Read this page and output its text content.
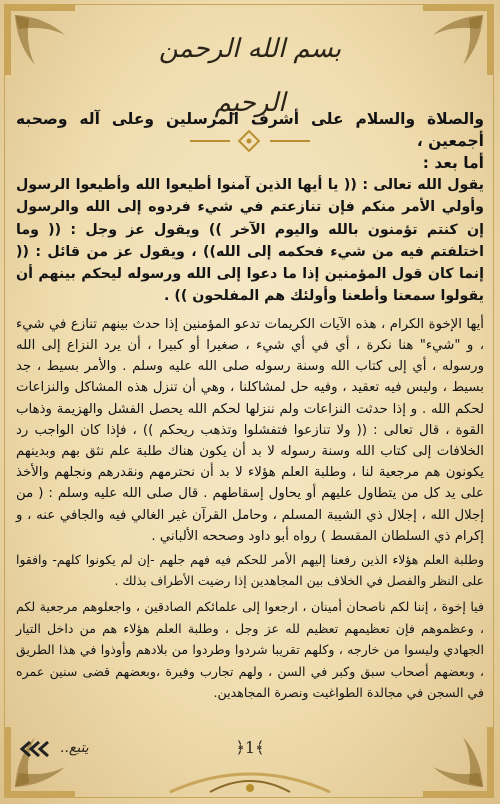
بسم الله الرحمن الرحيم

والصلاة والسلام على أشرف المرسلين وعلى آله وصحبه أجمعين ،
أما بعد :

يقول الله تعالى : (( يا أيها الذين آمنوا أطيعوا الله وأطيعوا الرسول وأولي الأمر منكم فإن تنازعتم في شيء فردوه إلى الله والرسول إن كنتم تؤمنون بالله واليوم الآخر )) ويقول عز وجل : (( وما اختلفتم فيه من شيء فحكمه إلى الله)) ، ويقول عز من قائل : (( إنما كان قول المؤمنين إذا ما دعوا إلى الله ورسوله ليحكم بينهم أن يقولوا سمعنا وأطعنا وأولئك هم المفلحون )) .

أيها الإخوة الكرام ، هذه الآيات الكريمات تدعو المؤمنين إذا حدث بينهم تنازع في شيء ، و "شيء" هنا نكرة ، أي في أي شيء ، صغيرا أو كبيرا ، أن يرد النزاع إلى الله ورسوله ، أي إلى كتاب الله وسنة رسوله صلى الله عليه وسلم . والأمر بسيط ، جد بسيط ، وليس فيه تعقيد ، وفيه حل لمشاكلنا ، وهي أن تنزل هذه المشاكل والنزاعات لحكم الله . و إذا حدثت النزاعات ولم ننزلها لحكم الله يحصل الفشل والهزيمة وذهاب القوة ، قال تعالى : (( ولا تنازعوا فتفشلوا وتذهب ريحكم )) ، فإذا كان الواجب رد الخلافات إلى كتاب الله وسنة رسوله لا بد أن يكون هناك طلبة علم نثق بهم وبدينهم يكونون هم مرجعية لنا ، وطلبة العلم هؤلاء لا بد أن نحترمهم ونقدرهم ونجلهم والأخذ على يد كل من يتطاول عليهم أو يحاول إسقاطهم . قال صلى الله عليه وسلم : ( من إجلال الله ، إجلال ذي الشيبة المسلم ، وحامل القرآن غير الغالي فيه والجافي عنه ، و إكرام ذي السلطان المقسط ) رواه أبو داود وصححه الألباني .

وطلبة العلم هؤلاء الذين رفعنا إليهم الأمر للحكم فيه فهم جلهم -إن لم يكونوا كلهم- وافقوا على النظر والفصل في الخلاف بين المجاهدين إذا رضيت الأطراف بذلك .

فيا إخوة ، إننا لكم ناصحان أمينان ، ارجعوا إلى علمائكم الصادقين ، واجعلوهم مرجعية لكم ، وعظموهم فإن تعظيمهم تعظيم لله عز وجل ، وطلبة العلم هؤلاء هم من داخل التيار الجهادي وليسوا من خارجه ، وكلهم تقريبا شردوا وطردوا من بلادهم وأوذوا في هذا الطريق ، وبعضهم أصحاب سبق وكبر في السن ، ولهم تجارب وفيرة ،وبعضهم قضى سنين عمره في السجن في مجالدة الطواغيت ونصرة المجاهدين.

يتبع..	﴿1﴾
